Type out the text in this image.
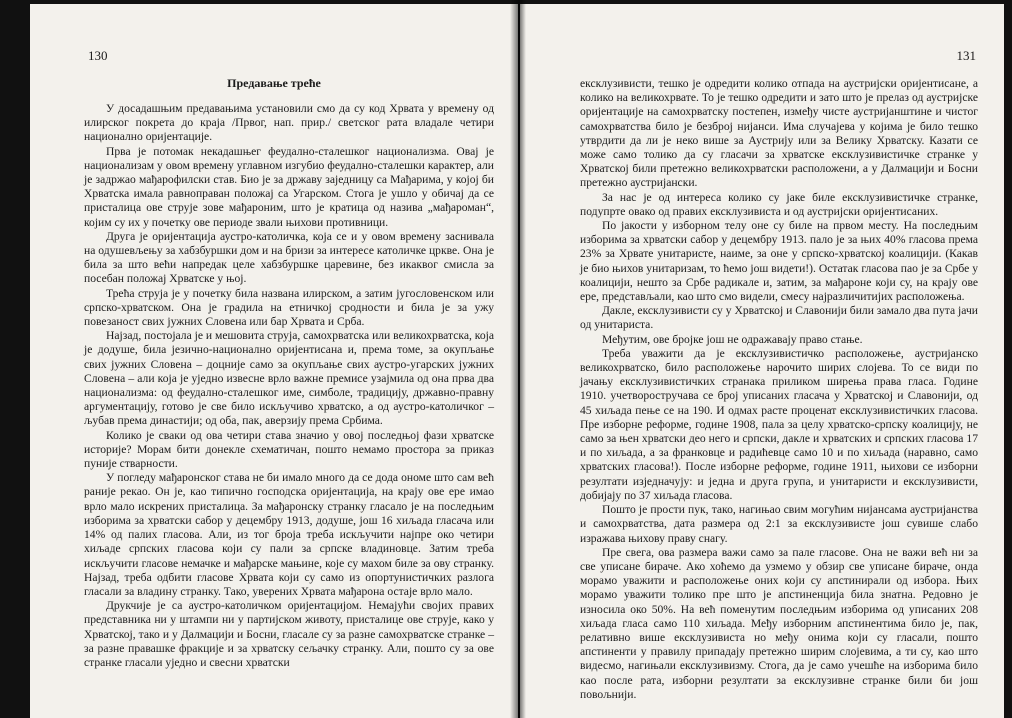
130
Предавање треће

У досадашњим предавањима установили смо да су код Хрвата у времену од илирског покрета до краја /Првог, нап. прир./ светског рата владале четири национално оријентације.

Прва је потомак некадашњег феудално-сталешког национализма. Овај је национализам у овом времену углавном изгубио феудално-сталешки карактер, али је задржао мађарофилски став. Био је за државу заједницу са Мађарима, у којој би Хрватска имала равноправан положај са Угарском. Стога је ушло у обичај да се присталица ове струје зове мађароним, што је кратица од назива „мађароман“, којим су их у почетку ове периоде звали њихови противници.

Друга је оријентација аустро-католичка, која се и у овом времену заснивала на одушевљењу за хабзбуршки дом и на бризи за интересе католичке цркве. Она је била за што већи напредак целе хабзбуршке царевине, без икаквог смисла за посебан положај Хрватске у њој.

Трећа струја је у почетку била названа илирском, а затим југословенском или српско-хрватском. Она је градила на етничкој сродности и била је за ужу повезаност свих јужних Словена или бар Хрвата и Срба.

Најзад, постојала је и мешовита струја, самохрватска или великохрватска, која је додуше, била језично-национално оријентисана и, према томе, за окупљање свих јужних Словена – доцније само за окупљање свих аустро-угарских јужних Словена – али која је уједно извесне врло важне премисе узајмила од она прва два национализма: од феудално-сталешког име, симболе, традицију, државно-правну аргументацију, готово је све било искључиво хрватско, а од аустро-католичког – љубав према династији; од оба, пак, аверзију према Србима.

Колико је сваки од ова четири става значио у овој последњој фази хрватске историје? Морам бити донекле схематичан, пошто немамо простора за приказ пуније стварности.

У погледу мађаронског става не би имало много да се дода ономе што сам већ раније рекао. Он је, као типично господска оријентација, на крају ове ере имао врло мало искрених присталица. За мађаронску странку гласало је на последњим изборима за хрватски сабор у децембру 1913, додуше, још 16 хиљада гласача или 14% од палих гласова. Али, из тог броја треба искључити најпре око четири хиљаде српских гласова који су пали за српске владиновце. Затим треба искључити гласове немачке и мађарске мањине, које су махом биле за ову странку. Најзад, треба одбити гласове Хрвата који су само из опортунистичких разлога гласали за владину странку. Тако, уверених Хрвата мађарона остаје врло мало.

Друкчије је са аустро-католичком оријентацијом. Немајући својих правих представника ни у штампи ни у партијском животу, присталице ове струје, како у Хрватској, тако и у Далмацији и Босни, гласале су за разне самохрватске странке – за разне правашке фракције и за хрватску сељачку странку. Али, пошто су за ове странке гласали уједно и свесни хрватски

131

ексклузивисти, тешко је одредити колико отпада на аустријски оријентисане, а колико на великохрвате. То је тешко одредити и зато што је прелаз од аустријске оријентације на самохрватску постепен, између чисте аустријанштине и чистог самохрватства било је безброј нијанси. Има случајева у којима је било тешко утврдити да ли је неко више за Аустрију или за Велику Хрватску. Казати се може само толико да су гласачи за хрватске ексклузивистичке странке у Хрватској били претежно великохрватски расположени, а у Далмацији и Босни претежно аустријански.

За нас је од интереса колико су јаке биле ексклузивистичке странке, подупрте овако од правих ексклузивиста и од аустријски оријентисаних.

По јакости у изборном телу оне су биле на првом месту. На последњим изборима за хрватски сабор у децембру 1913. пало је за њих 40% гласова према 23% за Хрвате унитаристе, наиме, за оне у српско-хрватској коалицији. (Какав је био њихов унитаризам, то ћемо још видети!). Остатак гласова пао је за Србе у коалицији, нешто за Србе радикале и, затим, за мађароне који су, на крају ове ере, представљали, као што смо видели, смесу најразличитијих расположења.

Дакле, ексклузивисти су у Хрватској и Славонији били замало два пута јачи од унитариста.

Међутим, ове бројке још не одражавају право стање.

Треба уважити да је ексклузивистичко расположење, аустријанско великохрватско, било расположење нарочито ширих слојева. То се види по јачању ексклузивистичких странака приликом ширења права гласа. Године 1910. учетворостручава се број уписаних гласача у Хрватској и Славонији, од 45 хиљада пење се на 190. И одмах расте проценат ексклузивистичких гласова. Пре изборне реформе, године 1908, пала за целу хрватско-српску коалицију, не само за њен хрватски део него и српски, дакле и хрватских и српских гласова 17 и по хиљада, а за франковце и радићевце само 10 и по хиљада (наравно, само хрватских гласова!). После изборне реформе, године 1911, њихови се изборни резултати изједначују: и једна и друга група, и унитаристи и ексклузивисти, добијају по 37 хиљада гласова.

Пошто је прости пук, тако, нагињао свим могућим нијансама аустријанства и самохрватства, дата размера од 2:1 за ексклузивисте још сувише слабо изражава њихову праву снагу.

Пре свега, ова размера важи само за пале гласове. Она не важи већ ни за све уписане бираче. Ако хоћемо да узмемо у обзир све уписане бираче, онда морамо уважити и расположење оних који су апстинирали од избора. Њих морамо уважити толико пре што је апстиненција била знатна. Редовно је износила око 50%. На већ поменутим последњим изборима од уписаних 208 хиљада гласа само 110 хиљада. Међу изборним апстинентима било је, пак, релативно више ексклузивиста но међу онима који су гласали, пошто апстиненти у правилу припадају претежно ширим слојевима, а ти су, као што видесмо, нагињали ексклузивизму. Стога, да је само учешће на изборима било као после рата, изборни резултати за ексклузивне странке били би још повољнији.
